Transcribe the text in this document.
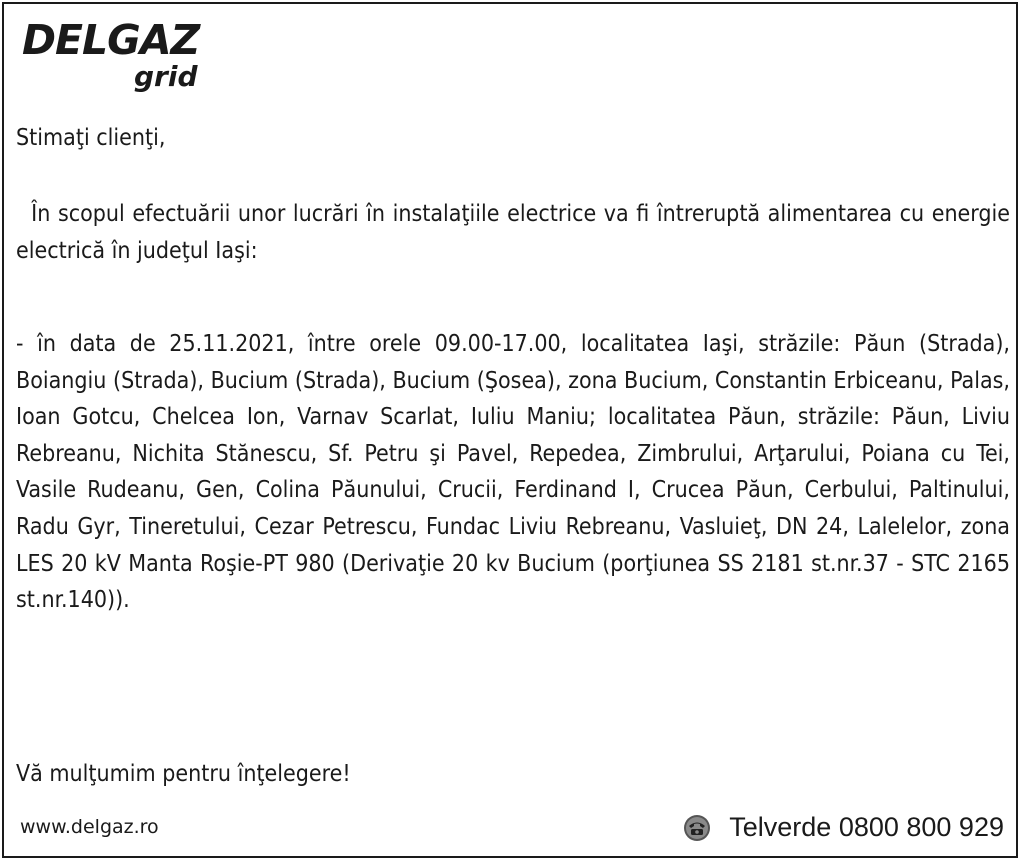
DELGAZ
grid
Stimaţi clienţi,
În scopul efectuării unor lucrări în instalaţiile electrice va fi întreruptă alimentarea cu energie electrică în judeţul Iaşi:
- în data de 25.11.2021, între orele 09.00-17.00, localitatea Iaşi, străzile: Păun (Strada), Boiangiu (Strada), Bucium (Strada), Bucium (Şosea), zona Bucium, Constantin Erbiceanu, Palas, Ioan Gotcu, Chelcea Ion, Varnav Scarlat, Iuliu Maniu; localitatea Păun, străzile: Păun, Liviu Rebreanu, Nichita Stănescu, Sf. Petru şi Pavel, Repedea, Zimbrului, Arţarului, Poiana cu Tei, Vasile Rudeanu, Gen, Colina Păunului, Crucii, Ferdinand I, Crucea Păun, Cerbului, Paltinului, Radu Gyr, Tineretului, Cezar Petrescu, Fundac Liviu Rebreanu, Vasluieţ, DN 24, Lalelelor, zona LES 20 kV Manta Roşie-PT 980 (Derivaţie 20 kv Bucium (porţiunea SS 2181 st.nr.37 - STC 2165 st.nr.140)).
Vă mulţumim pentru înţelegere!
www.delgaz.ro	Telverde 0800 800 929
